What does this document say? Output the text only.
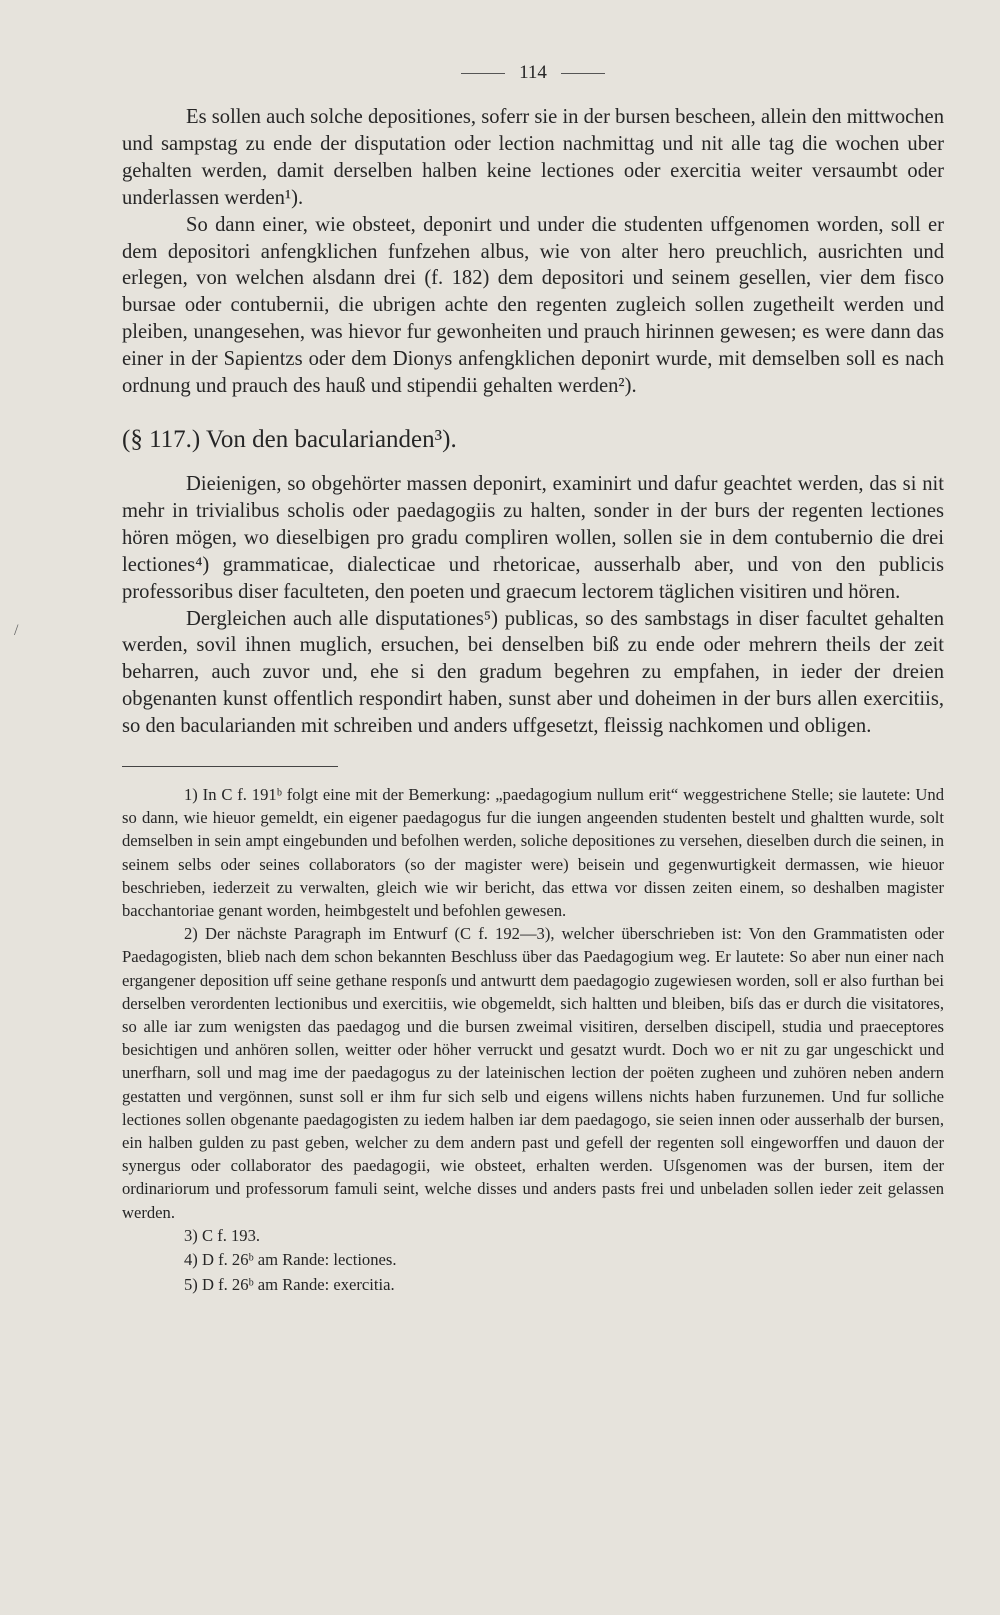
/
114

Es sollen auch solche depositiones, soferr sie in der bursen bescheen, allein den mittwochen und sampstag zu ende der disputation oder lection nachmittag und nit alle tag die wochen uber gehalten werden, damit derselben halben keine lectiones oder exercitia weiter versaumbt oder underlassen werden¹).

So dann einer, wie obsteet, deponirt und under die studenten uffgenomen worden, soll er dem depositori anfengklichen funfzehen albus, wie von alter hero preuchlich, ausrichten und erlegen, von welchen alsdann drei (f. 182) dem depositori und seinem gesellen, vier dem fisco bursae oder contubernii, die ubrigen achte den regenten zugleich sollen zugetheilt werden und pleiben, unangesehen, was hievor fur gewonheiten und prauch hirinnen gewesen; es were dann das einer in der Sapientzs oder dem Dionys anfengklichen deponirt wurde, mit demselben soll es nach ordnung und prauch des hauß und stipendii gehalten werden²).

(§ 117.) Von den bacularianden³).

Dieienigen, so obgehörter massen deponirt, examinirt und dafur geachtet werden, das si nit mehr in trivialibus scholis oder paedagogiis zu halten, sonder in der burs der regenten lectiones hören mögen, wo dieselbigen pro gradu compliren wollen, sollen sie in dem contubernio die drei lectiones⁴) grammaticae, dialecticae und rhetoricae, ausserhalb aber, und von den publicis professoribus diser faculteten, den poeten und graecum lectorem täglichen visitiren und hören.

Dergleichen auch alle disputationes⁵) publicas, so des sambstags in diser facultet gehalten werden, sovil ihnen muglich, ersuchen, bei denselben biß zu ende oder mehrern theils der zeit beharren, auch zuvor und, ehe si den gradum begehren zu empfahen, in ieder der dreien obgenanten kunst offentlich respondirt haben, sunst aber und doheimen in der burs allen exercitiis, so den bacularianden mit schreiben und anders uffgesetzt, fleissig nachkomen und obligen.

1) In C f. 191ᵇ folgt eine mit der Bemerkung: „paedagogium nullum erit“ weggestrichene Stelle; sie lautete: Und so dann, wie hieuor gemeldt, ein eigener paedagogus fur die iungen angeenden studenten bestelt und ghaltten wurde, solt demselben in sein ampt eingebunden und befolhen werden, soliche depositiones zu versehen, dieselben durch die seinen, in seinem selbs oder seines collaborators (so der magister were) beisein und gegenwurtigkeit dermassen, wie hieuor beschrieben, iederzeit zu verwalten, gleich wie wir bericht, das ettwa vor dissen zeiten einem, so deshalben magister bacchantoriae genant worden, heimbgestelt und befohlen gewesen.

2) Der nächste Paragraph im Entwurf (C f. 192—3), welcher überschrieben ist: Von den Grammatisten oder Paedagogisten, blieb nach dem schon bekannten Beschluss über das Paedagogium weg. Er lautete: So aber nun einer nach ergangener deposition uff seine gethane responſs und antwurtt dem paedagogio zugewiesen worden, soll er also furthan bei derselben verordenten lectionibus und exercitiis, wie obgemeldt, sich haltten und bleiben, biſs das er durch die visitatores, so alle iar zum wenigsten das paedagog und die bursen zweimal visitiren, derselben discipell, studia und praeceptores besichtigen und anhören sollen, weitter oder höher verruckt und gesatzt wurdt. Doch wo er nit zu gar ungeschickt und unerfharn, soll und mag ime der paedagogus zu der lateinischen lection der poëten zugheen und zuhören neben andern gestatten und vergönnen, sunst soll er ihm fur sich selb und eigens willens nichts haben furzunemen. Und fur solliche lectiones sollen obgenante paedagogisten zu iedem halben iar dem paedagogo, sie seien innen oder ausserhalb der bursen, ein halben gulden zu past geben, welcher zu dem andern past und gefell der regenten soll eingeworffen und dauon der synergus oder collaborator des paedagogii, wie obsteet, erhalten werden. Uſsgenomen was der bursen, item der ordinariorum und professorum famuli seint, welche disses und anders pasts frei und unbeladen sollen ieder zeit gelassen werden.

3) C f. 193.

4) D f. 26ᵇ am Rande: lectiones.

5) D f. 26ᵇ am Rande: exercitia.
